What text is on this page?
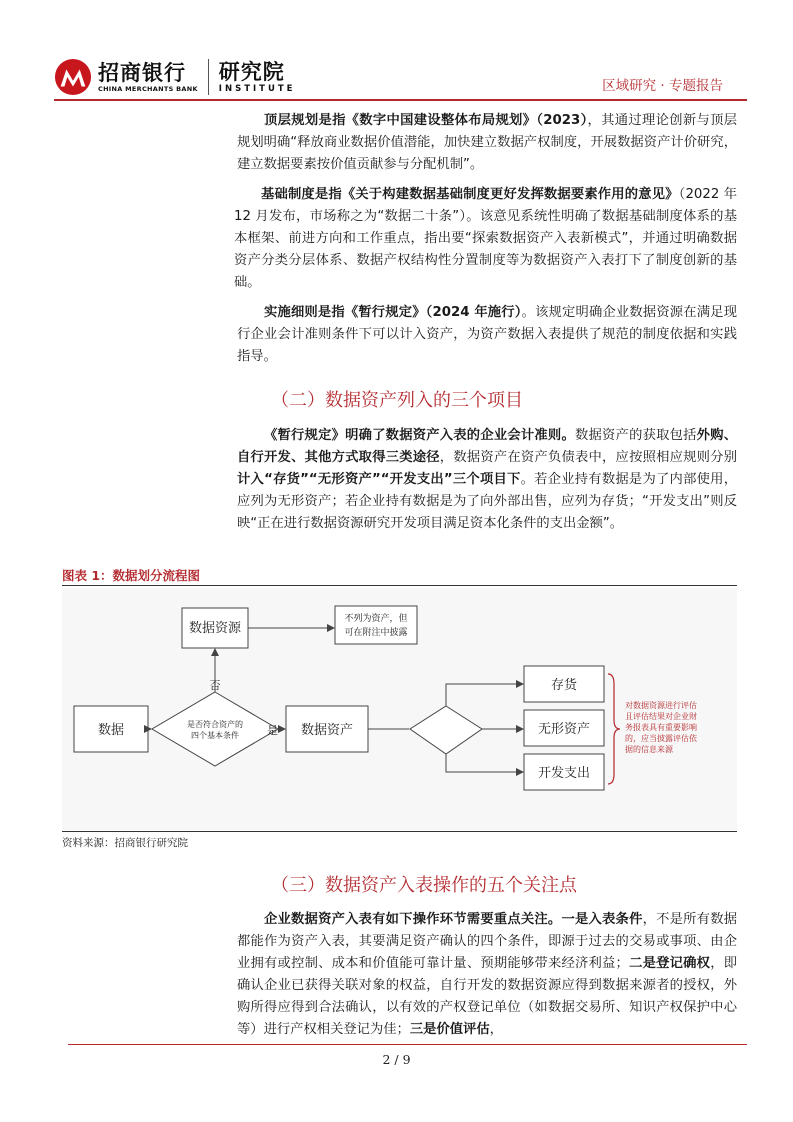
招商银行
CHINA MERCHANTS BANK
研究院
INSTITUTE	区域研究 · 专题报告

顶层规划是指《数字中国建设整体布局规划》（2023），其通过理论创新与顶层规划明确“释放商业数据价值潜能，加快建立数据产权制度，开展数据资产计价研究，建立数据要素按价值贡献参与分配机制”。

基础制度是指《关于构建数据基础制度更好发挥数据要素作用的意见》（2022 年 12 月发布，市场称之为“数据二十条”）。该意见系统性明确了数据基础制度体系的基本框架、前进方向和工作重点，指出要“探索数据资产入表新模式”，并通过明确数据资产分类分层体系、数据产权结构性分置制度等为数据资产入表打下了制度创新的基础。

实施细则是指《暂行规定》（2024 年施行）。该规定明确企业数据资源在满足现行企业会计准则条件下可以计入资产，为资产数据入表提供了规范的制度依据和实践指导。

（二）数据资产列入的三个项目

《暂行规定》明确了数据资产入表的企业会计准则。数据资产的获取包括外购、自行开发、其他方式取得三类途径，数据资产在资产负债表中，应按照相应规则分别计入“存货”“无形资产”“开发支出”三个项目下。若企业持有数据是为了内部使用，应列为无形资产；若企业持有数据是为了向外部出售，应列为存货；“开发支出”则反映“正在进行数据资源研究开发项目满足资本化条件的支出金额”。

图表 1：数据划分流程图
数据	是否符合资产的
四个基本条件
数据资源
不列为资产，但
可在附注中披露
数据资产
存货
无形资产
开发支出
是
否
对数据资源进行评估 且评估结果对企业财 务报表具有重要影响 的，应当披露评估依 据的信息来源
资料来源：招商银行研究院
（三）数据资产入表操作的五个关注点

企业数据资产入表有如下操作环节需要重点关注。一是入表条件，不是所有数据都能作为资产入表，其要满足资产确认的四个条件，即源于过去的交易或事项、由企业拥有或控制、成本和价值能可靠计量、预期能够带来经济利益；二是登记确权，即确认企业已获得关联对象的权益，自行开发的数据资源应得到数据来源者的授权，外购所得应得到合法确认，以有效的产权登记单位（如数据交易所、知识产权保护中心等）进行产权相关登记为佳；三是价值评估，

2 / 9
